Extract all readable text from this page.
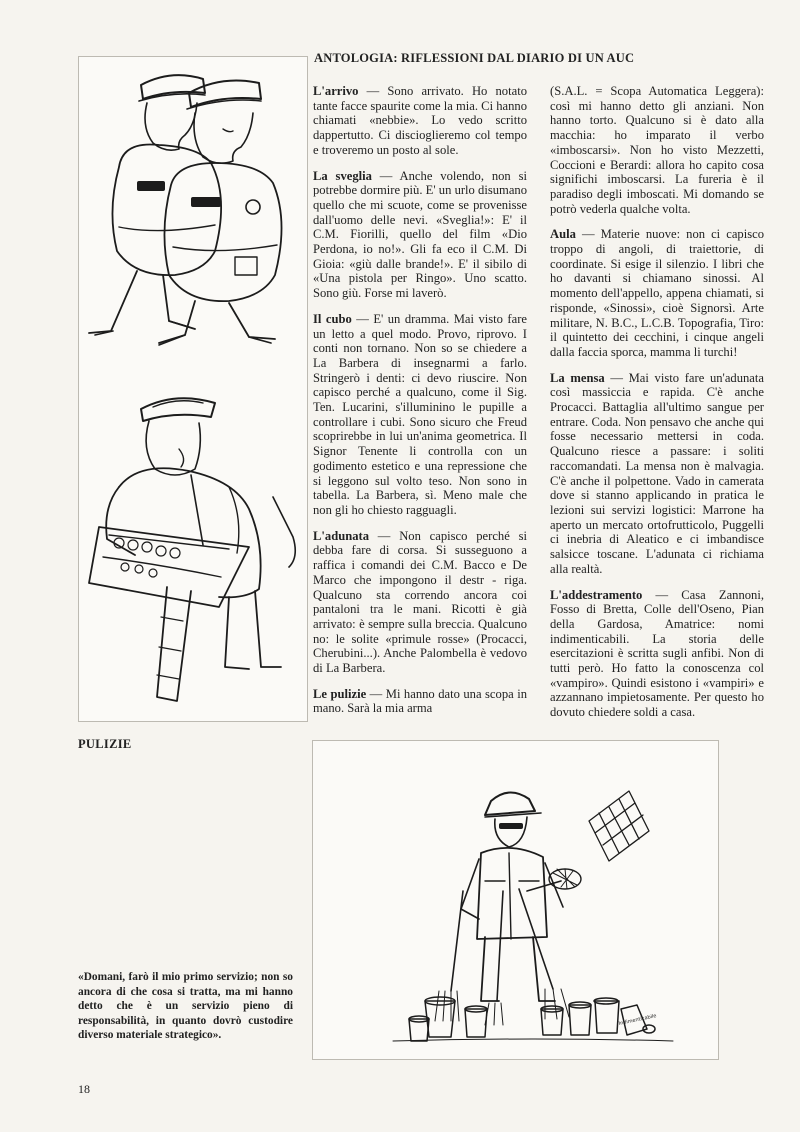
ANTOLOGIA: RIFLESSIONI DAL DIARIO DI UN AUC

L'arrivo — Sono arrivato. Ho notato tante facce spaurite come la mia. Ci hanno chiamati «nebbie». Lo vedo scritto dappertutto. Ci discioglieremo col tempo e troveremo un posto al sole.

La sveglia — Anche volendo, non si potrebbe dormire più. E' un urlo disumano quello che mi scuote, come se provenisse dall'uomo delle nevi. «Sveglia!»: E' il C.M. Fiorilli, quello del film «Dio Perdona, io no!». Gli fa eco il C.M. Di Gioia: «giù dalle brande!». E' il sibilo di «Una pistola per Ringo». Uno scatto. Sono giù. Forse mi laverò.

Il cubo — E' un dramma. Mai visto fare un letto a quel modo. Provo, riprovo. I conti non tornano. Non so se chiedere a La Barbera di insegnarmi a farlo. Stringerò i denti: ci devo riuscire. Non capisco perché a qualcuno, come il Sig. Ten. Lucarini, s'illuminino le pupille a controllare i cubi. Sono sicuro che Freud scoprirebbe in lui un'anima geometrica. Il Signor Tenente li controlla con un godimento estetico e una repressione che si leggono sul volto teso. Non sono in tabella. La Barbera, sì. Meno male che non gli ho chiesto ragguagli.

L'adunata — Non capisco perché si debba fare di corsa. Si susseguono a raffica i comandi dei C.M. Bacco e De Marco che impongono il destr - riga. Qualcuno sta correndo ancora coi pantaloni tra le mani. Ricotti è già arrivato: è sempre sulla breccia. Qualcuno no: le solite «primule rosse» (Procacci, Cherubini...). Anche Palombella è vedovo di La Barbera.

Le pulizie — Mi hanno dato una scopa in mano. Sarà la mia arma

(S.A.L. = Scopa Automatica Leggera): così mi hanno detto gli anziani. Non hanno torto. Qualcuno si è dato alla macchia: ho imparato il verbo «imboscarsi». Non ho visto Mezzetti, Coccioni e Berardi: allora ho capito cosa significhi imboscarsi. La fureria è il paradiso degli imboscati. Mi domando se potrò vederla qualche volta.

Aula — Materie nuove: non ci capisco troppo di angoli, di traiettorie, di coordinate. Si esige il silenzio. I libri che ho davanti si chiamano sinossi. Al momento dell'appello, appena chiamati, si risponde, «Sinossi», cioè Signorsì. Arte militare, N. B.C., L.C.B. Topografia, Tiro: il quintetto dei cecchini, i cinque angeli dalla faccia sporca, mamma li turchi!

La mensa — Mai visto fare un'adunata così massiccia e rapida. C'è anche Procacci. Battaglia all'ultimo sangue per entrare. Coda. Non pensavo che anche qui fosse necessario mettersi in coda. Qualcuno riesce a passare: i soliti raccomandati. La mensa non è malvagia. C'è anche il polpettone. Vado in camerata dove si stanno applicando in pratica le lezioni sui servizi logistici: Marrone ha aperto un mercato ortofrutticolo, Puggelli ci inebria di Aleatico e ci imbandisce salsicce toscane. L'adunata ci richiama alla realtà.

L'addestramento — Casa Zannoni, Fosso di Bretta, Colle dell'Oseno, Pian della Gardosa, Amatrice: nomi indimenticabili. La storia delle esercitazioni è scritta sugli anfibi. Non di tutti però. Ho fatto la conoscenza col «vampiro». Quindi esistono i «vampiri» e azzannano impietosamente. Per questo ho dovuto chiedere soldi a casa.

PULIZIE
Indimenticabile
«Domani, farò il mio primo servizio; non so ancora di che cosa si tratta, ma mi hanno detto che è un servizio pieno di responsabilità, in quanto dovrò custodire diverso materiale strategico».
18
